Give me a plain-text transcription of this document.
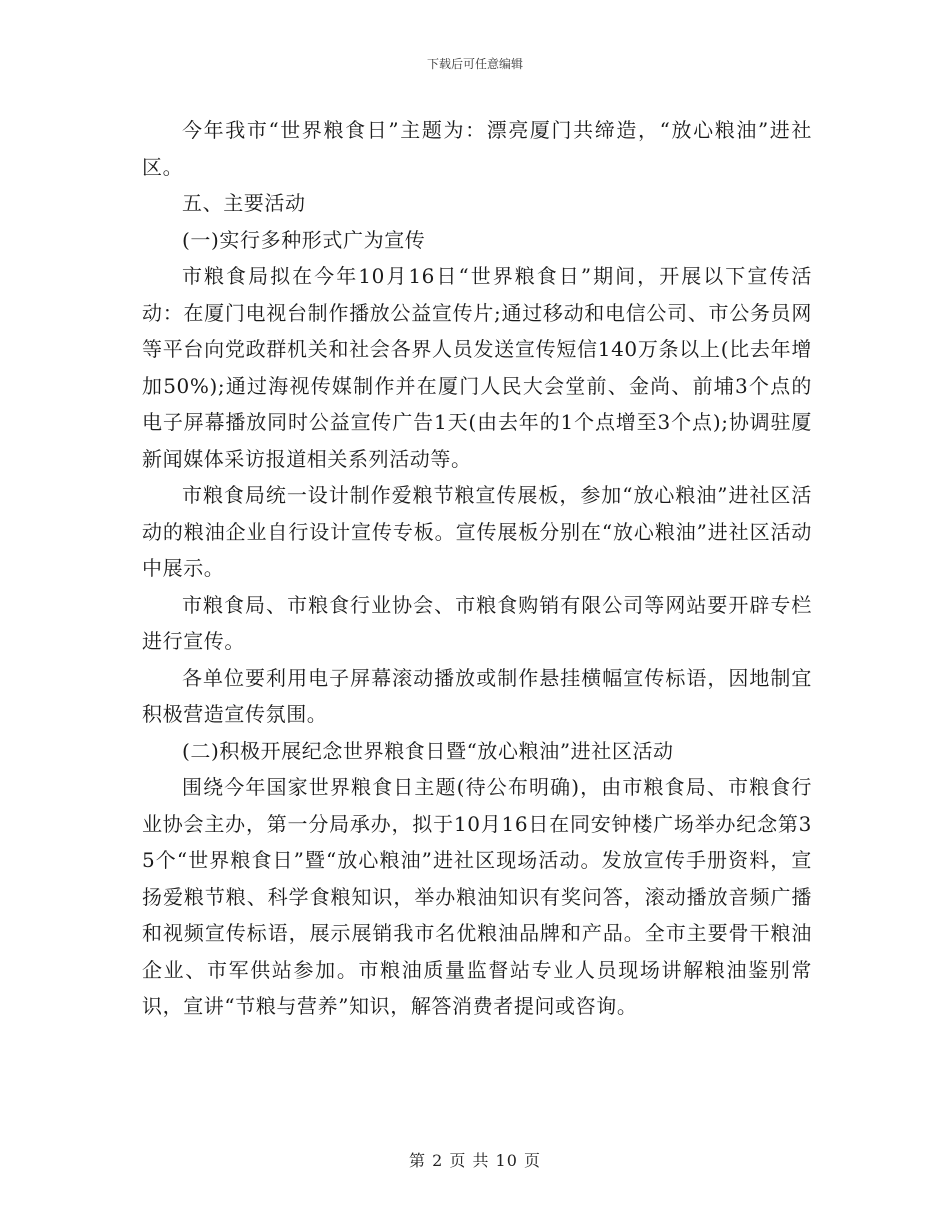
下载后可任意编辑

今年我市“世界粮食日”主题为：漂亮厦门共缔造，“放心粮油”进社区。

五、主要活动

(一)实行多种形式广为宣传

市粮食局拟在今年10月16日“世界粮食日”期间，开展以下宣传活动：在厦门电视台制作播放公益宣传片;通过移动和电信公司、市公务员网等平台向党政群机关和社会各界人员发送宣传短信140万条以上(比去年增加50%);通过海视传媒制作并在厦门人民大会堂前、金尚、前埔3个点的电子屏幕播放同时公益宣传广告1天(由去年的1个点增至3个点);协调驻厦新闻媒体采访报道相关系列活动等。

市粮食局统一设计制作爱粮节粮宣传展板，参加“放心粮油”进社区活动的粮油企业自行设计宣传专板。宣传展板分别在“放心粮油”进社区活动中展示。

市粮食局、市粮食行业协会、市粮食购销有限公司等网站要开辟专栏进行宣传。

各单位要利用电子屏幕滚动播放或制作悬挂横幅宣传标语，因地制宜积极营造宣传氛围。

(二)积极开展纪念世界粮食日暨“放心粮油”进社区活动

围绕今年国家世界粮食日主题(待公布明确)，由市粮食局、市粮食行业协会主办，第一分局承办，拟于10月16日在同安钟楼广场举办纪念第35个“世界粮食日”暨“放心粮油”进社区现场活动。发放宣传手册资料，宣扬爱粮节粮、科学食粮知识，举办粮油知识有奖问答，滚动播放音频广播和视频宣传标语，展示展销我市名优粮油品牌和产品。全市主要骨干粮油企业、市军供站参加。市粮油质量监督站专业人员现场讲解粮油鉴别常识，宣讲“节粮与营养”知识，解答消费者提问或咨询。

第 2 页 共 10 页
